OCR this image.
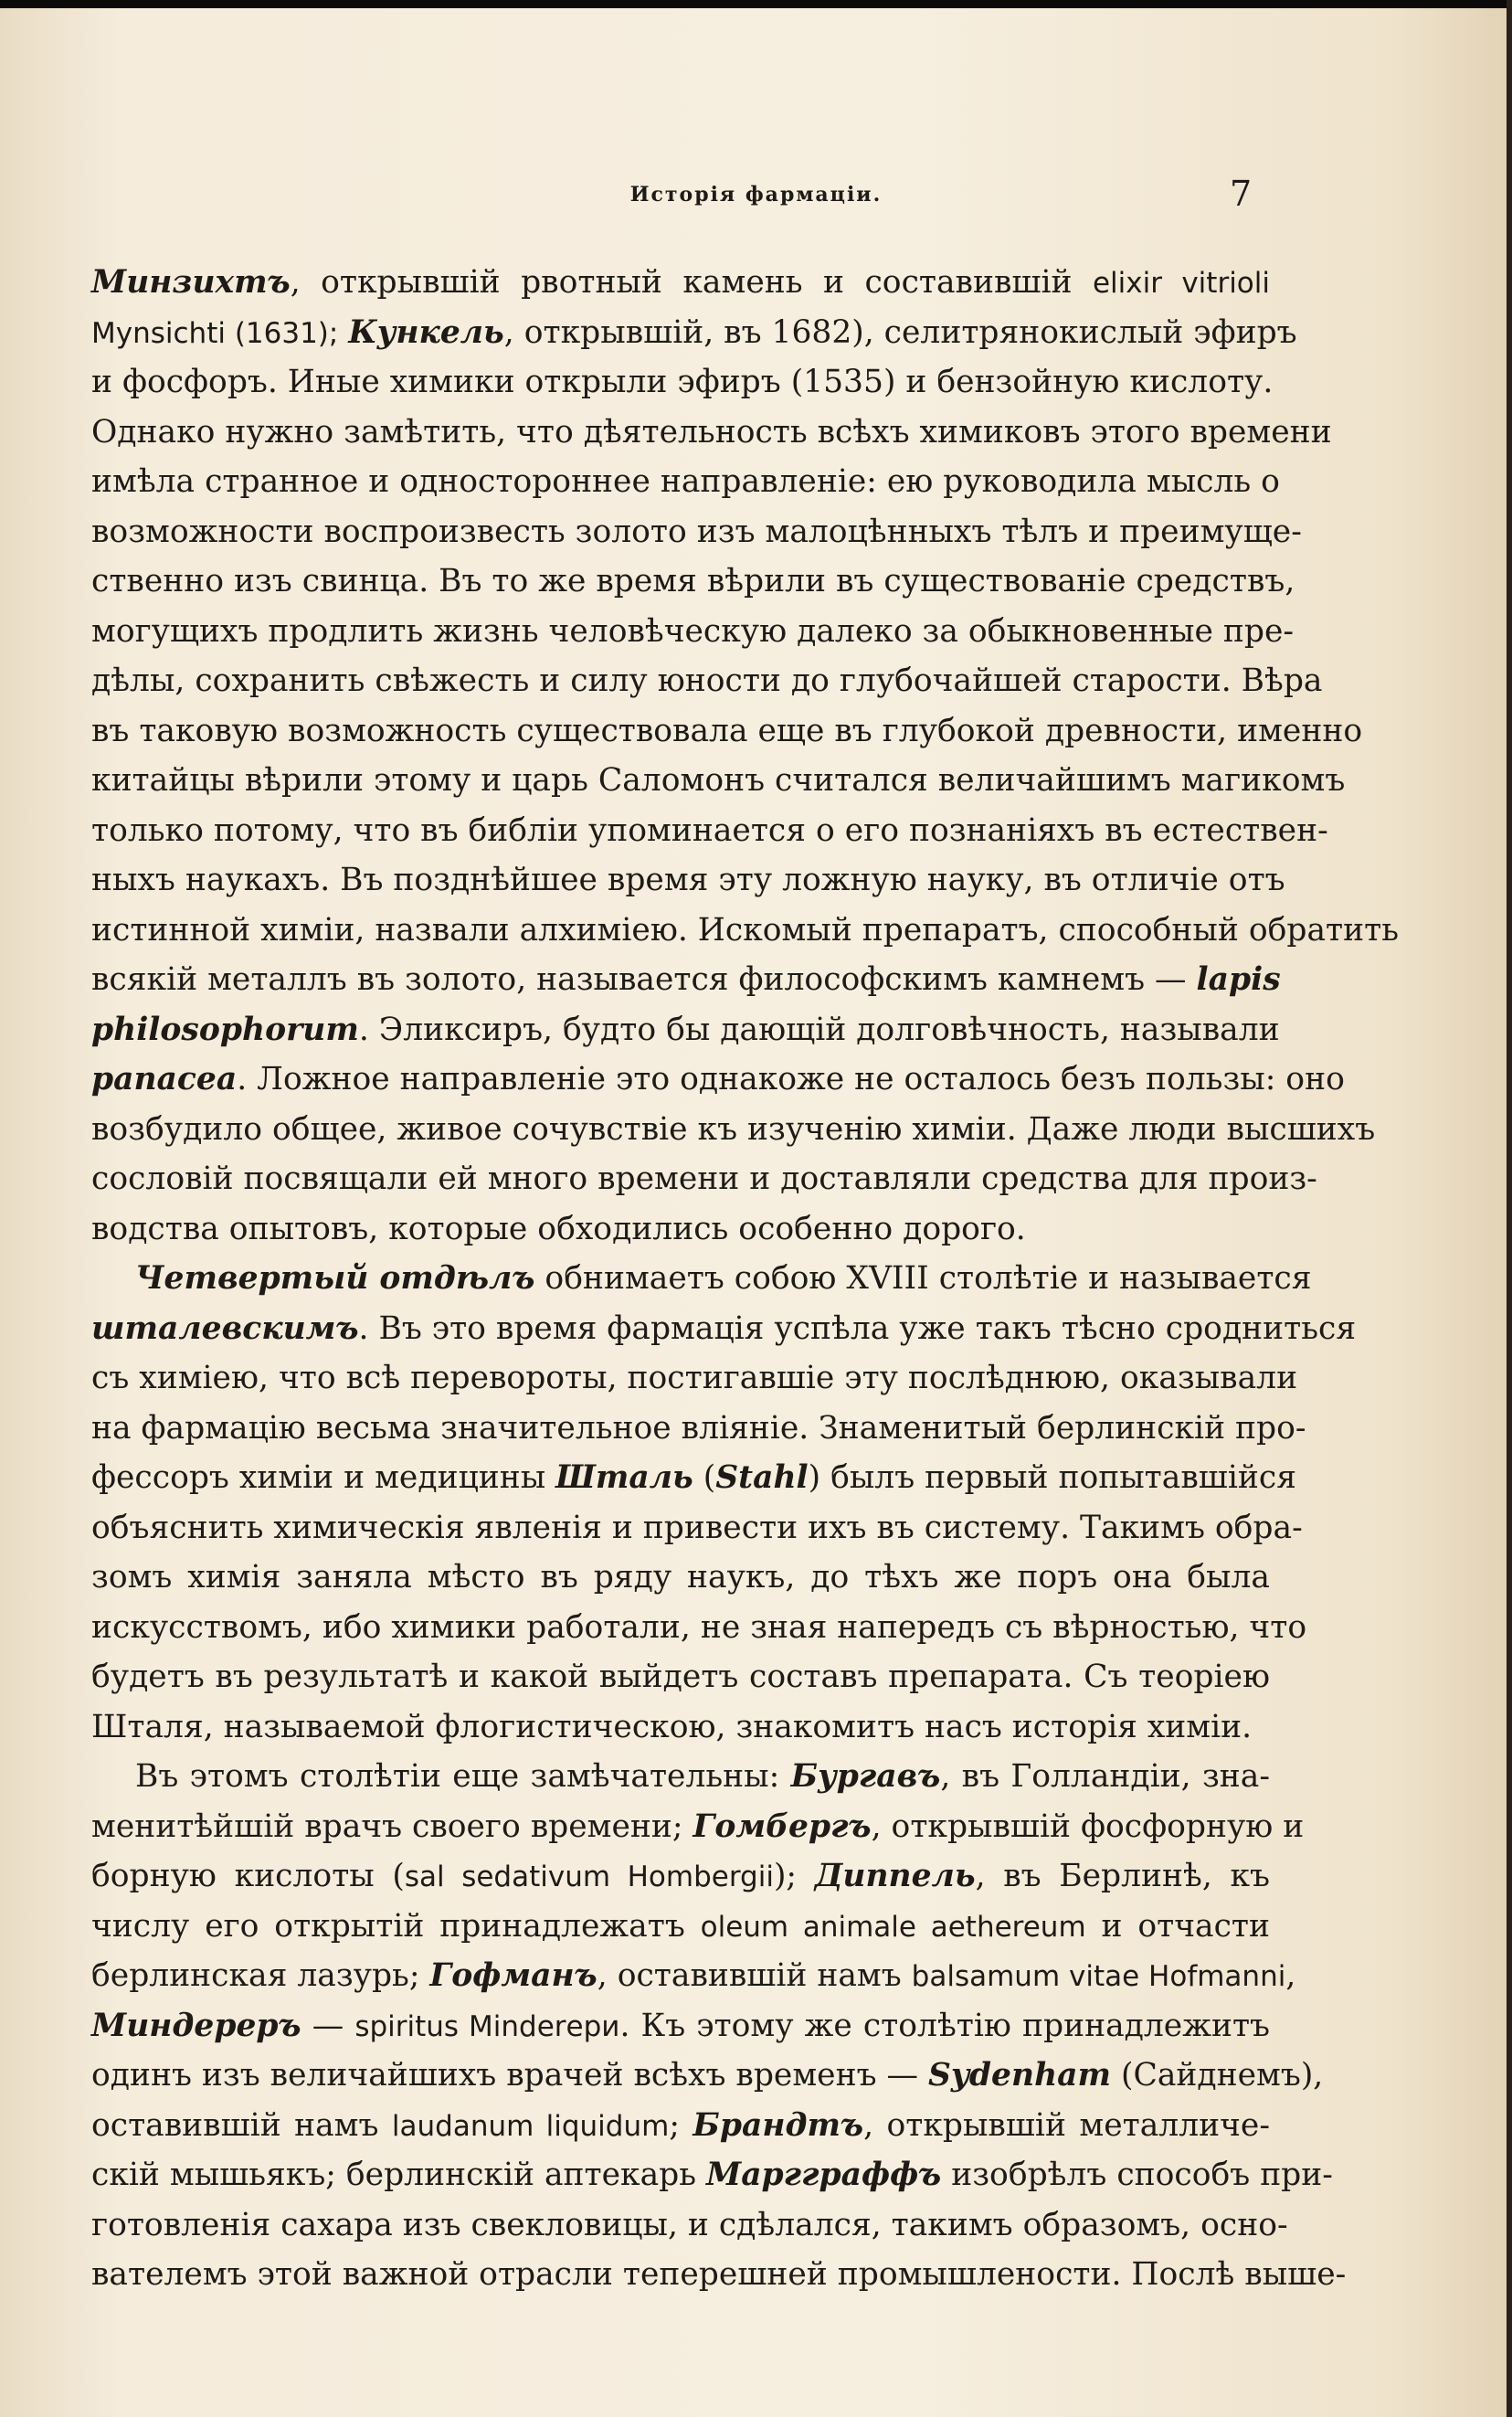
Исторія фармаціи.	7
Минзихтъ, открывшій рвотный камень и составившій elixir vitrioli
Mynsichti (1631); Кункель, открывшій, въ 1682), селитрянокислый эфиръ
и фосфоръ. Иные химики открыли эфиръ (1535) и бензойную кислоту.
Однако нужно замѣтить, что дѣятельность всѣхъ химиковъ этого времени
имѣла странное и одностороннее направленіе: ею руководила мысль о
возможности воспроизвесть золото изъ малоцѣнныхъ тѣлъ и преимуще-
ственно изъ свинца. Въ то же время вѣрили въ существованіе средствъ,
могущихъ продлить жизнь человѣческую далеко за обыкновенные пре-
дѣлы, сохранить свѣжесть и силу юности до глубочайшей старости. Вѣра
въ таковую возможность существовала еще въ глубокой древности, именно
китайцы вѣрили этому и царь Саломонъ считался величайшимъ магикомъ
только потому, что въ библіи упоминается о его познаніяхъ въ естествен-
ныхъ наукахъ. Въ позднѣйшее время эту ложную науку, въ отличіе отъ
истинной химіи, назвали алхиміею. Искомый препаратъ, способный обратить
всякій металлъ въ золото, называется философскимъ камнемъ — lapis
philosophorum. Эликсиръ, будто бы дающій долговѣчность, называли
panacea. Ложное направленіе это однакоже не осталось безъ пользы: оно
возбудило общее, живое сочувствіе къ изученію химіи. Даже люди высшихъ
сословій посвящали ей много времени и доставляли средства для произ-
водства опытовъ, которые обходились особенно дорого.
Четвертый отдѣлъ обнимаетъ собою XVIII столѣтіе и называется
шталевскимъ. Въ это время фармація успѣла уже такъ тѣсно сродниться
съ химіею, что всѣ перевороты, постигавшіе эту послѣднюю, оказывали
на фармацію весьма значительное вліяніе. Знаменитый берлинскій про-
фессоръ химіи и медицины Шталь (Stahl) былъ первый попытавшійся
объяснить химическія явленія и привести ихъ въ систему. Такимъ обра-
зомъ химія заняла мѣсто въ ряду наукъ, до тѣхъ же поръ она была
искусствомъ, ибо химики работали, не зная напередъ съ вѣрностью, что
будетъ въ результатѣ и какой выйдетъ составъ препарата. Съ теоріею
Шталя, называемой флогистическою, знакомитъ насъ исторія химіи.
Въ этомъ столѣтіи еще замѣчательны: Бургавъ, въ Голландіи, зна-
менитѣйшій врачъ своего времени; Гомбергъ, открывшій фосфорную и
борную кислоты (sal sedativum Hombergii); Диппель, въ Берлинѣ, къ
числу его открытій принадлежатъ oleum animale aethereum и отчасти
берлинская лазурь; Гофманъ, оставившій намъ balsamum vitae Hofmanni,
Миндереръ — spiritus Minderери. Къ этому же столѣтію принадлежитъ
одинъ изъ величайшихъ врачей всѣхъ временъ — Sydenham (Сайднемъ),
оставившій намъ laudanum liquidum; Брандтъ, открывшій металличе-
скій мышьякъ; берлинскій аптекарь Маргграффъ изобрѣлъ способъ при-
готовленія сахара изъ свекловицы, и сдѣлался, такимъ образомъ, осно-
вателемъ этой важной отрасли теперешней промышлености. Послѣ выше-
